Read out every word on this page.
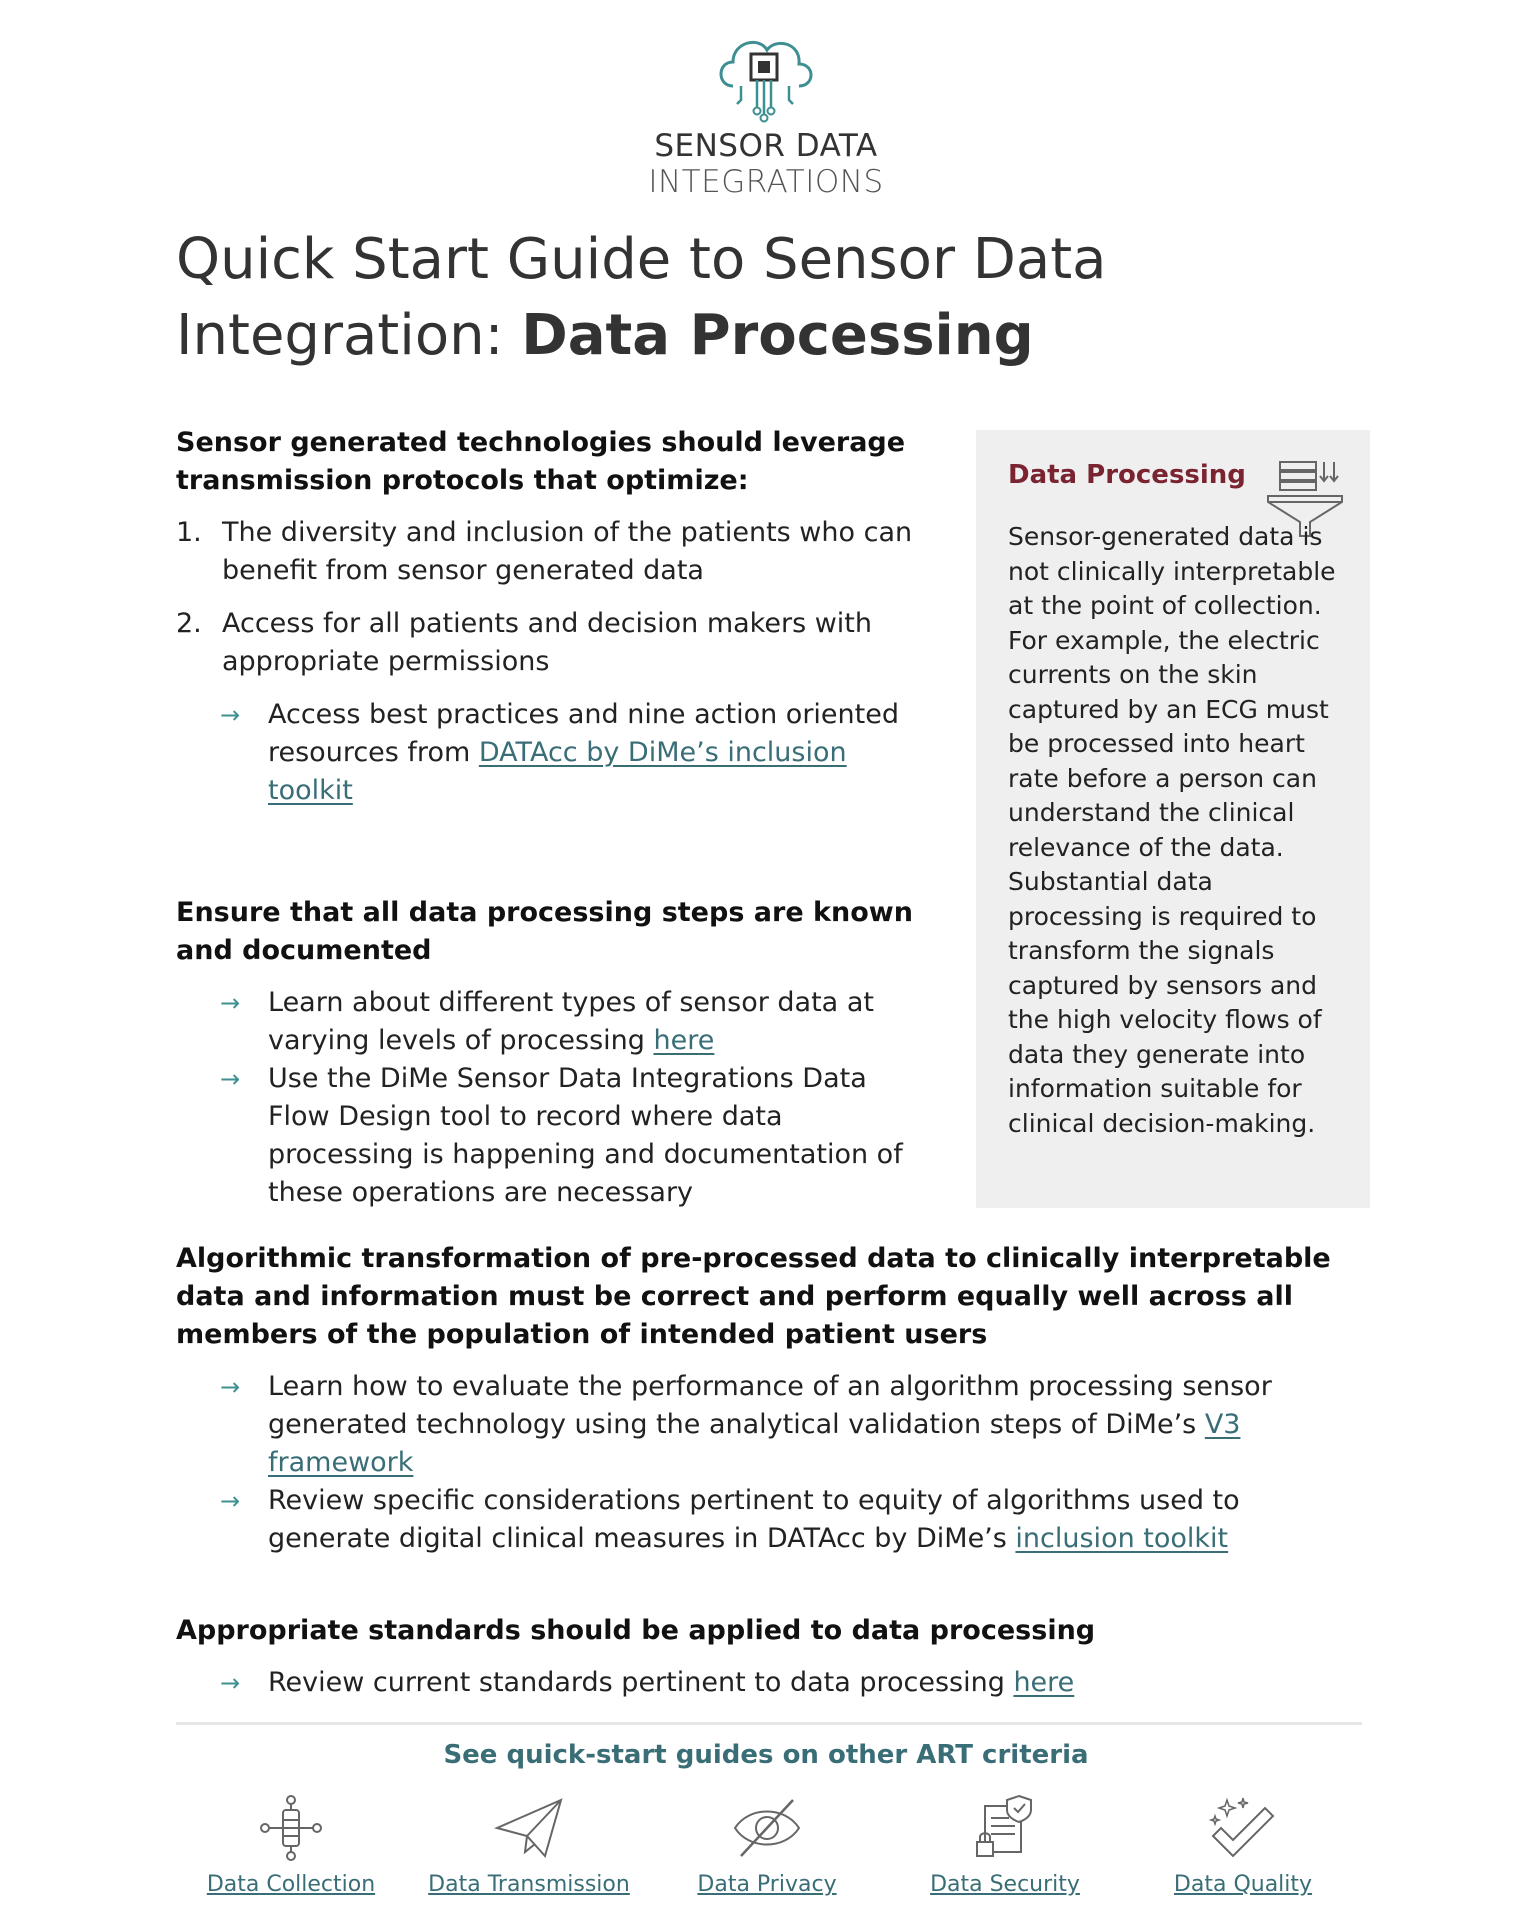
SENSOR DATA
INTEGRATIONS
Quick Start Guide to Sensor Data Integration: Data Processing

Sensor generated technologies should leverage transmission protocols that optimize:

1. The diversity and inclusion of the patients who can benefit from sensor generated data
2. Access for all patients and decision makers with appropriate permissions
→ Access best practices and nine action oriented resources from DATAcc by DiMe’s inclusion toolkit

Ensure that all data processing steps are known and documented

→ Learn about different types of sensor data at varying levels of processing here
→ Use the DiMe Sensor Data Integrations Data Flow Design tool to record where data processing is happening and documentation of these operations are necessary
Data Processing
Sensor-generated data is not clinically interpretable at the point of collection. For example, the electric currents on the skin captured by an ECG must be processed into heart rate before a person can understand the clinical relevance of the data. Substantial data processing is required to transform the signals captured by sensors and the high velocity flows of data they generate into information suitable for clinical decision-making.

Algorithmic transformation of pre-processed data to clinically interpretable data and information must be correct and perform equally well across all members of the population of intended patient users

→ Learn how to evaluate the performance of an algorithm processing sensor generated technology using the analytical validation steps of DiMe’s V3 framework
→ Review specific considerations pertinent to equity of algorithms used to generate digital clinical measures in DATAcc by DiMe’s inclusion toolkit

Appropriate standards should be applied to data processing

→ Review current standards pertinent to data processing here
See quick-start guides on other ART criteria
Data Collection	Data Transmission	Data Privacy	Data Security	Data Quality
